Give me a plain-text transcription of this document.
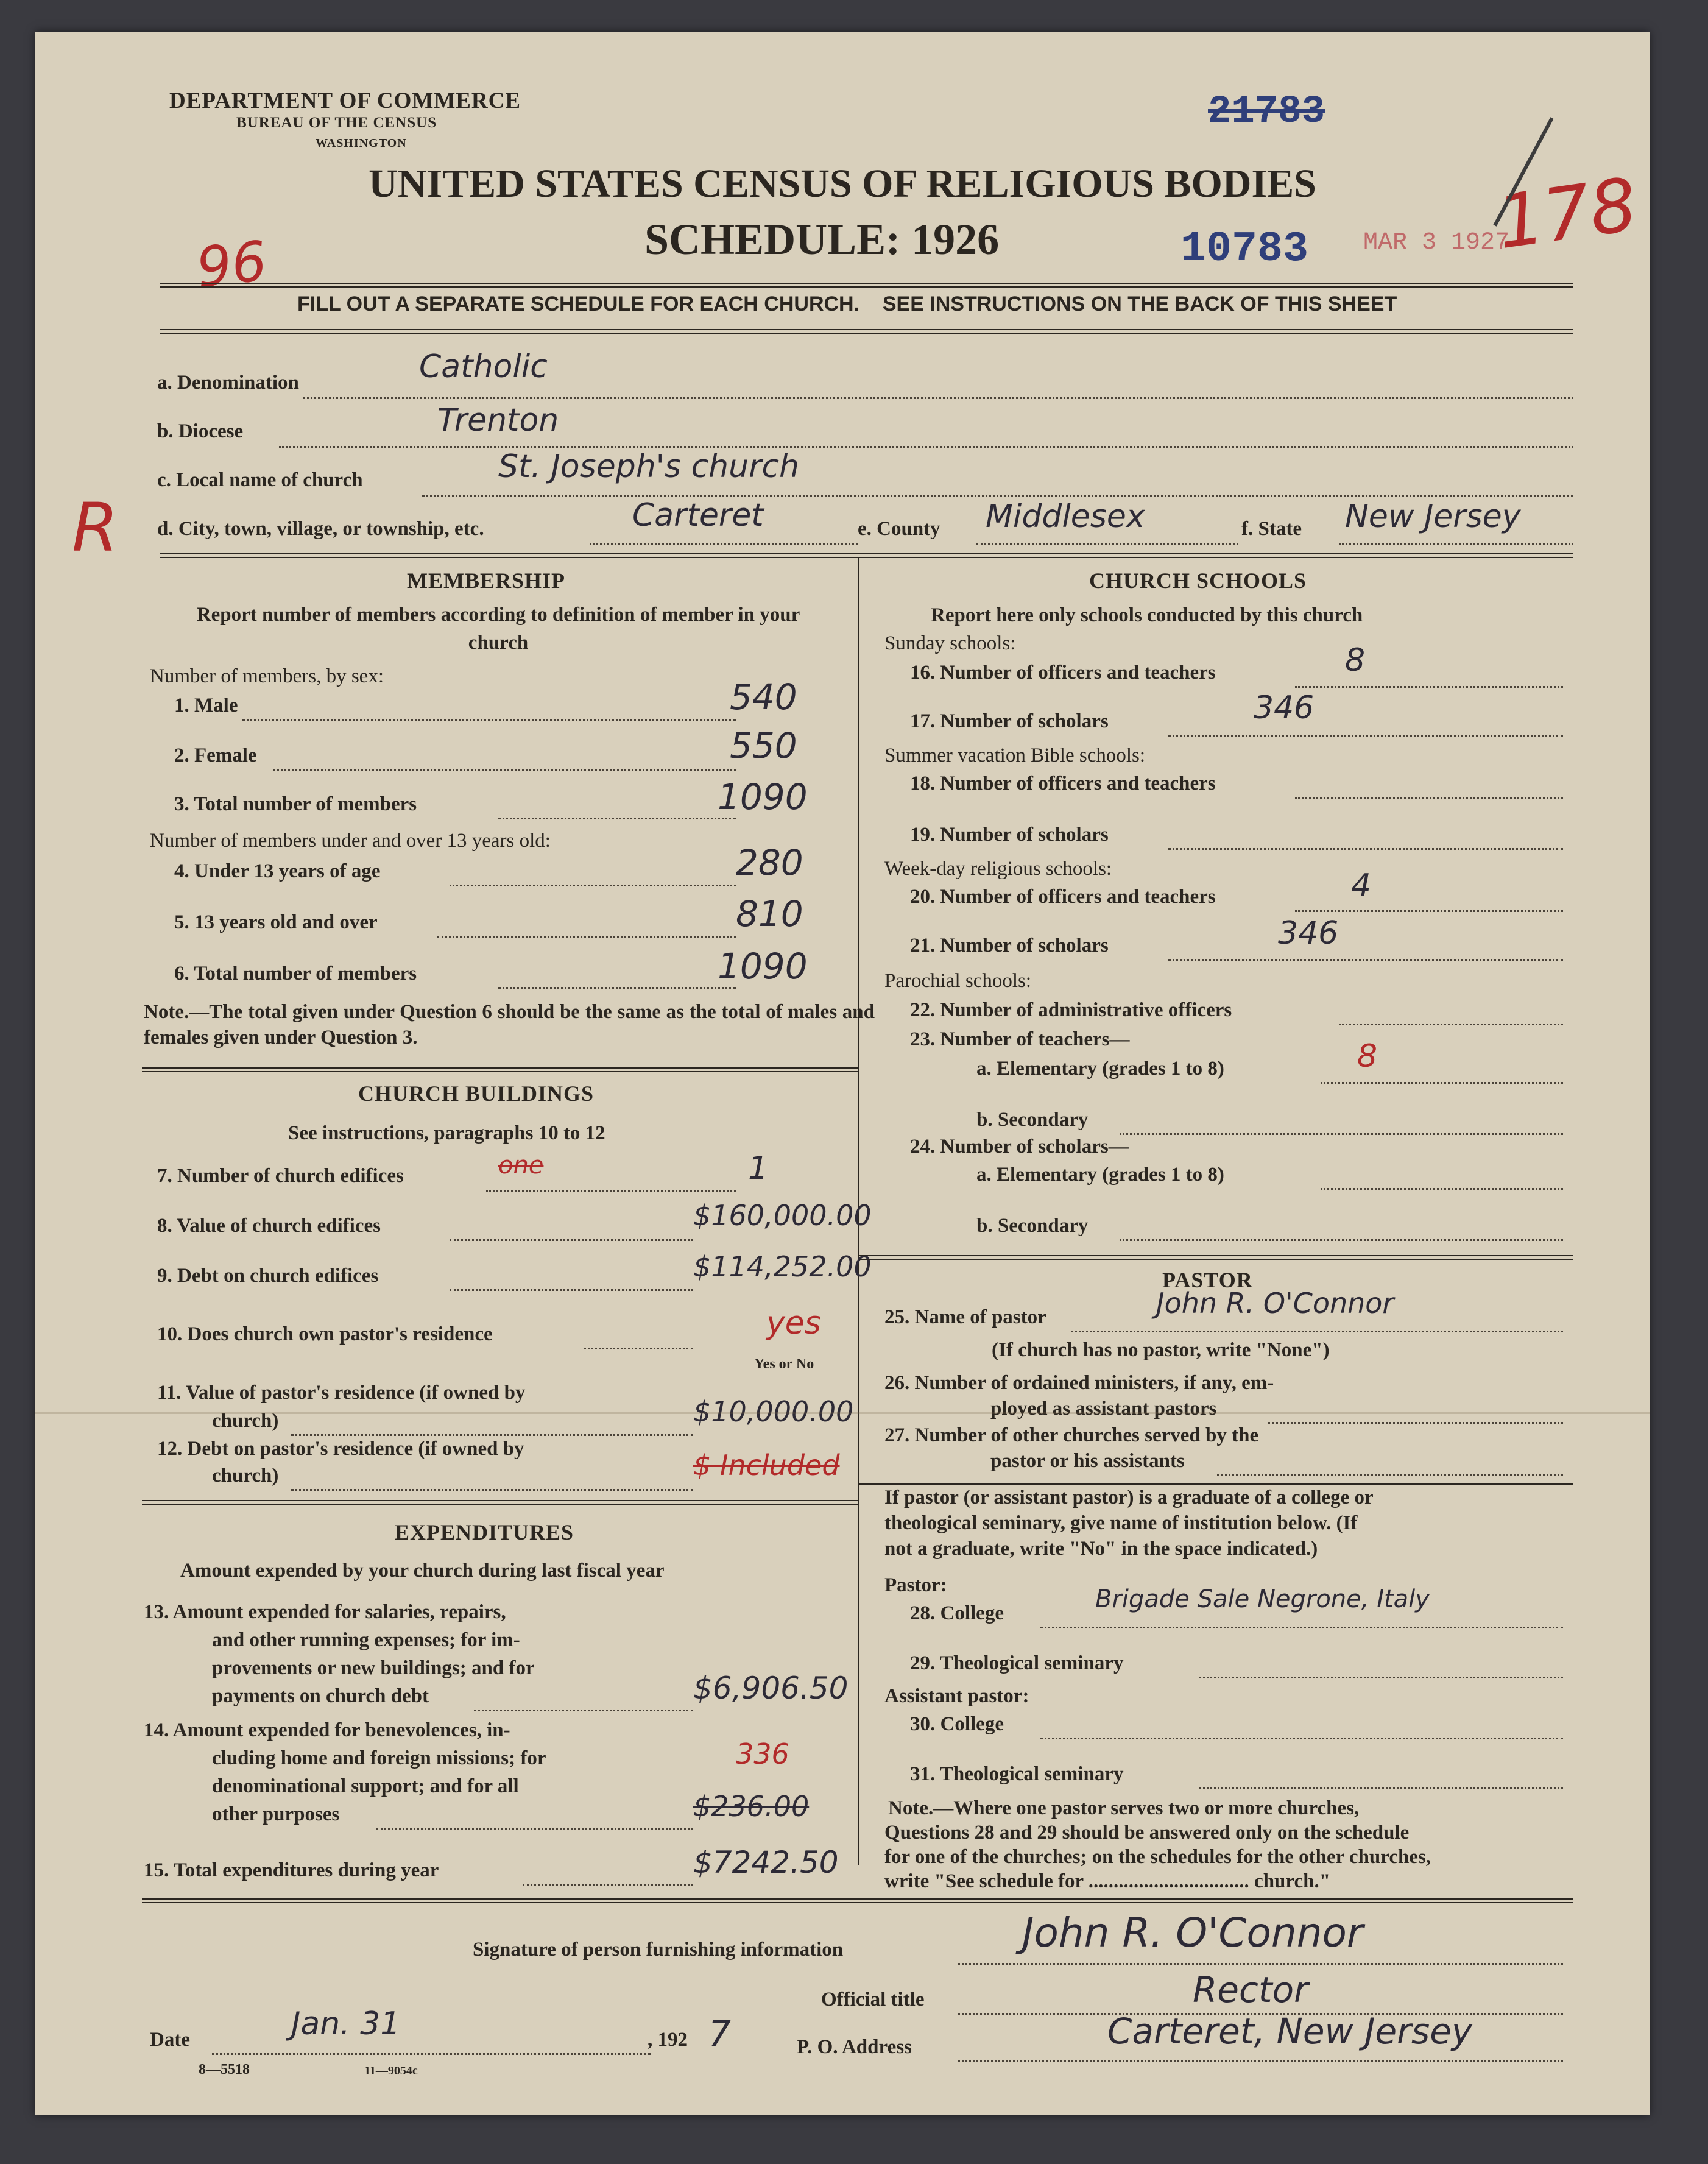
DEPARTMENT OF COMMERCE
BUREAU OF THE CENSUS
WASHINGTON
21783
178
UNITED STATES CENSUS OF RELIGIOUS BODIES
SCHEDULE: 1926
96	10783 MAR 3 1927
FILL OUT A SEPARATE SCHEDULE FOR EACH CHURCH.    SEE INSTRUCTIONS ON THE BACK OF THIS SHEET
a. Denomination	Catholic
b. Diocese	Trenton
c. Local name of church	St. Joseph's church
R d. City, town, village, or township, etc.	Carteret	e. County Middlesex	f. State New Jersey
MEMBERSHIP
Report number of members according to definition of member in your church
Number of members, by sex:
1. Male	540
2. Female	550
3. Total number of members	1090
Number of members under and over 13 years old:
4. Under 13 years of age	280
5. 13 years old and over	810
6. Total number of members	1090
Note.—The total given under Question 6 should be the same as the total of males and females given under Question 3.
CHURCH BUILDINGS
See instructions, paragraphs 10 to 12
7. Number of church edifices	one	1
8. Value of church edifices	$160,000.00
9. Debt on church edifices	$114,252.00
10. Does church own pastor's residence	yes
Yes or No
11. Value of pastor's residence (if owned by
church)	$10,000.00
12. Debt on pastor's residence (if owned by
church)	$ Included
EXPENDITURES
Amount expended by your church during last fiscal year
13. Amount expended for salaries, repairs,
and other running expenses; for im-
provements or new buildings; and for
payments on church debt	$6,906.50
14. Amount expended for benevolences, in-
cluding home and foreign missions; for
denominational support; and for all
other purposes
336
$236.00
15. Total expenditures during year	$7242.50
CHURCH SCHOOLS
Report here only schools conducted by this church
Sunday schools:
16. Number of officers and teachers	8
17. Number of scholars	346
Summer vacation Bible schools:
18. Number of officers and teachers
19. Number of scholars
Week-day religious schools:
20. Number of officers and teachers	4
21. Number of scholars	346
Parochial schools:
22. Number of administrative officers
23. Number of teachers—
a. Elementary (grades 1 to 8)	8
b. Secondary
24. Number of scholars—
a. Elementary (grades 1 to 8)
b. Secondary
PASTOR
25. Name of pastor	John R. O'Connor
(If church has no pastor, write "None")
26. Number of ordained ministers, if any, em-
ployed as assistant pastors
27. Number of other churches served by the
pastor or his assistants
If pastor (or assistant pastor) is a graduate of a college or
theological seminary, give name of institution below. (If
not a graduate, write "No" in the space indicated.)
Pastor:
28. College	Brigade Sale Negrone, Italy
29. Theological seminary
Assistant pastor:
30. College
31. Theological seminary
Note.—Where one pastor serves two or more churches,
Questions 28 and 29 should be answered only on the schedule
for one of the churches; on the schedules for the other churches,
write "See schedule for ................................ church."
Signature of person furnishing information	John R. O'Connor
Official title	Rector
Date	Jan. 31	, 192 7	P. O. Address	Carteret, New Jersey
8—5518	11—9054c
